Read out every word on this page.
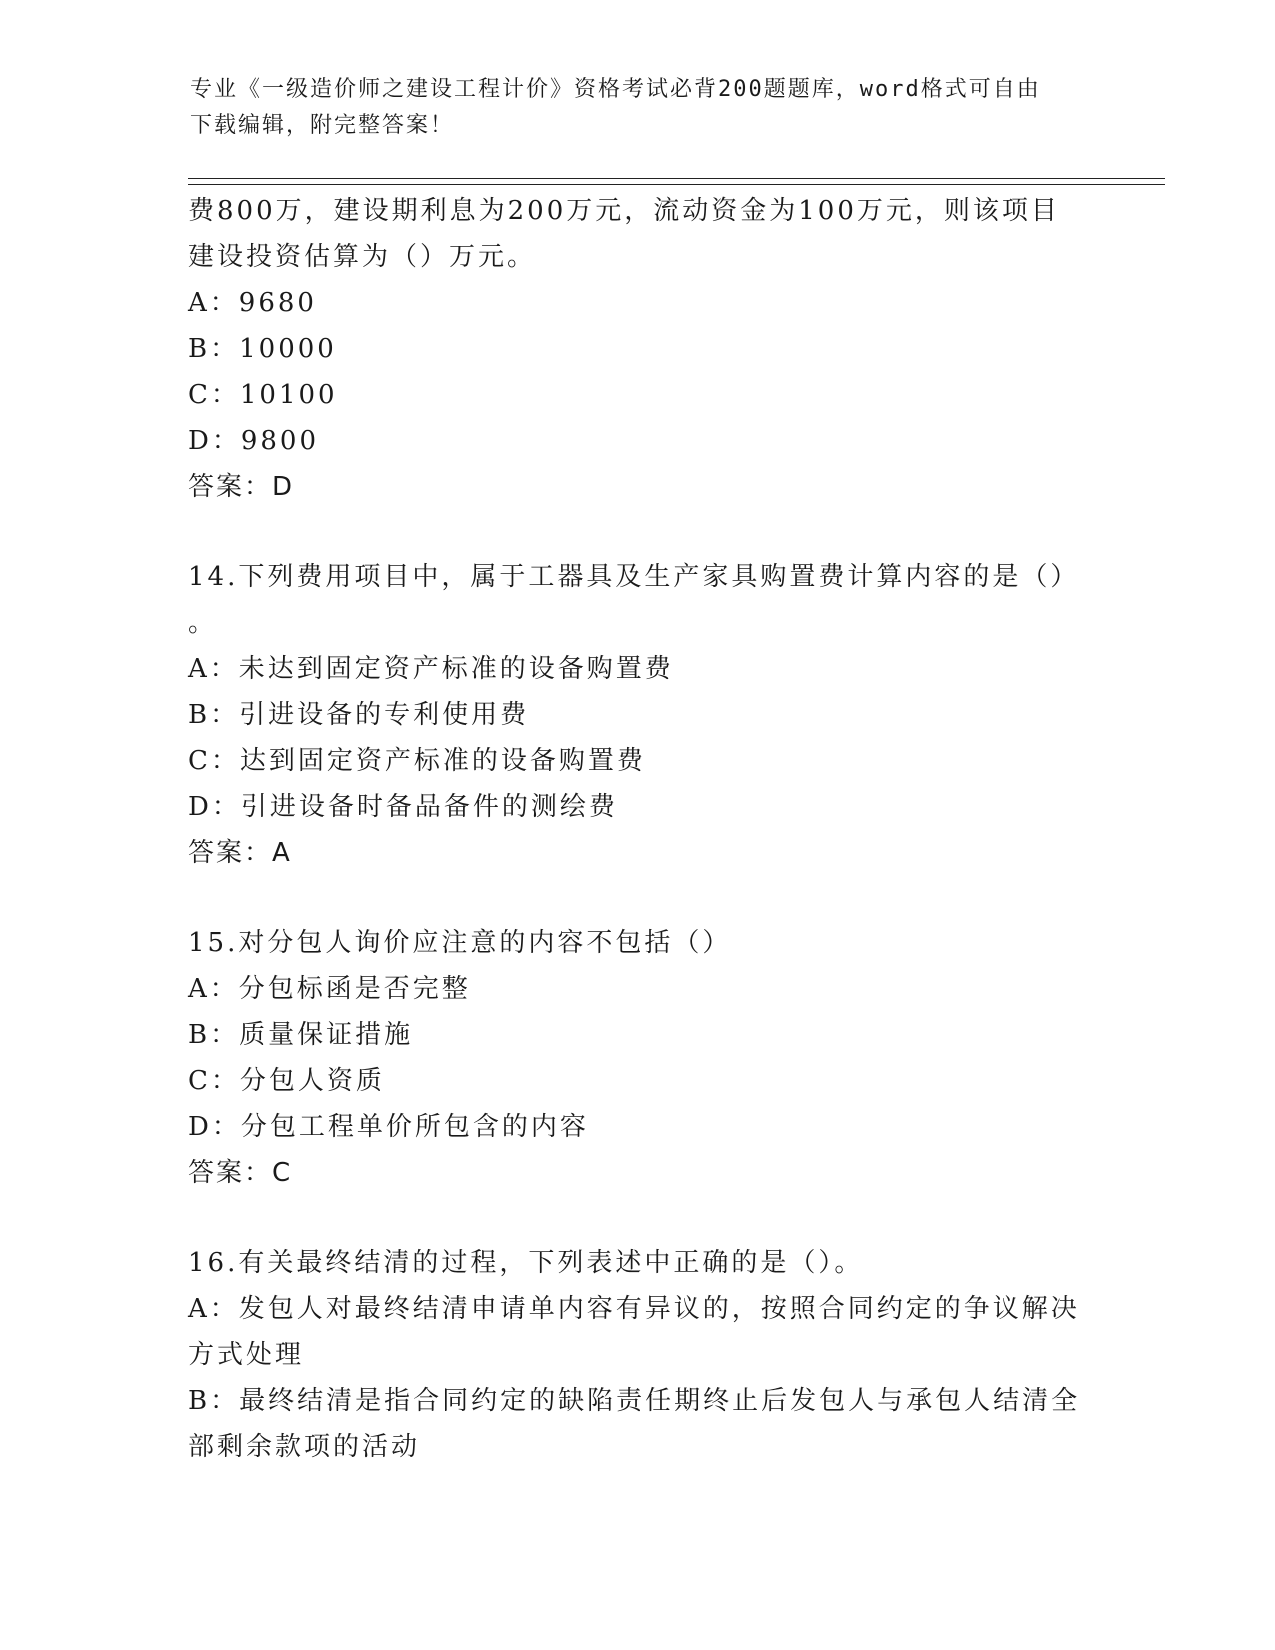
专业《一级造价师之建设工程计价》资格考试必背200题题库，word格式可自由
下载编辑，附完整答案！
费800万，建设期利息为200万元，流动资金为100万元，则该项目
建设投资估算为（）万元。
A：9680
B：10000
C：10100
D：9800
答案：D
14.下列费用项目中，属于工器具及生产家具购置费计算内容的是（）
。
A：未达到固定资产标准的设备购置费
B：引进设备的专利使用费
C：达到固定资产标准的设备购置费
D：引进设备时备品备件的测绘费
答案：A
15.对分包人询价应注意的内容不包括（）
A：分包标函是否完整
B：质量保证措施
C：分包人资质
D：分包工程单价所包含的内容
答案：C
16.有关最终结清的过程，下列表述中正确的是（）。
A：发包人对最终结清申请单内容有异议的，按照合同约定的争议解决
方式处理
B：最终结清是指合同约定的缺陷责任期终止后发包人与承包人结清全
部剩余款项的活动
